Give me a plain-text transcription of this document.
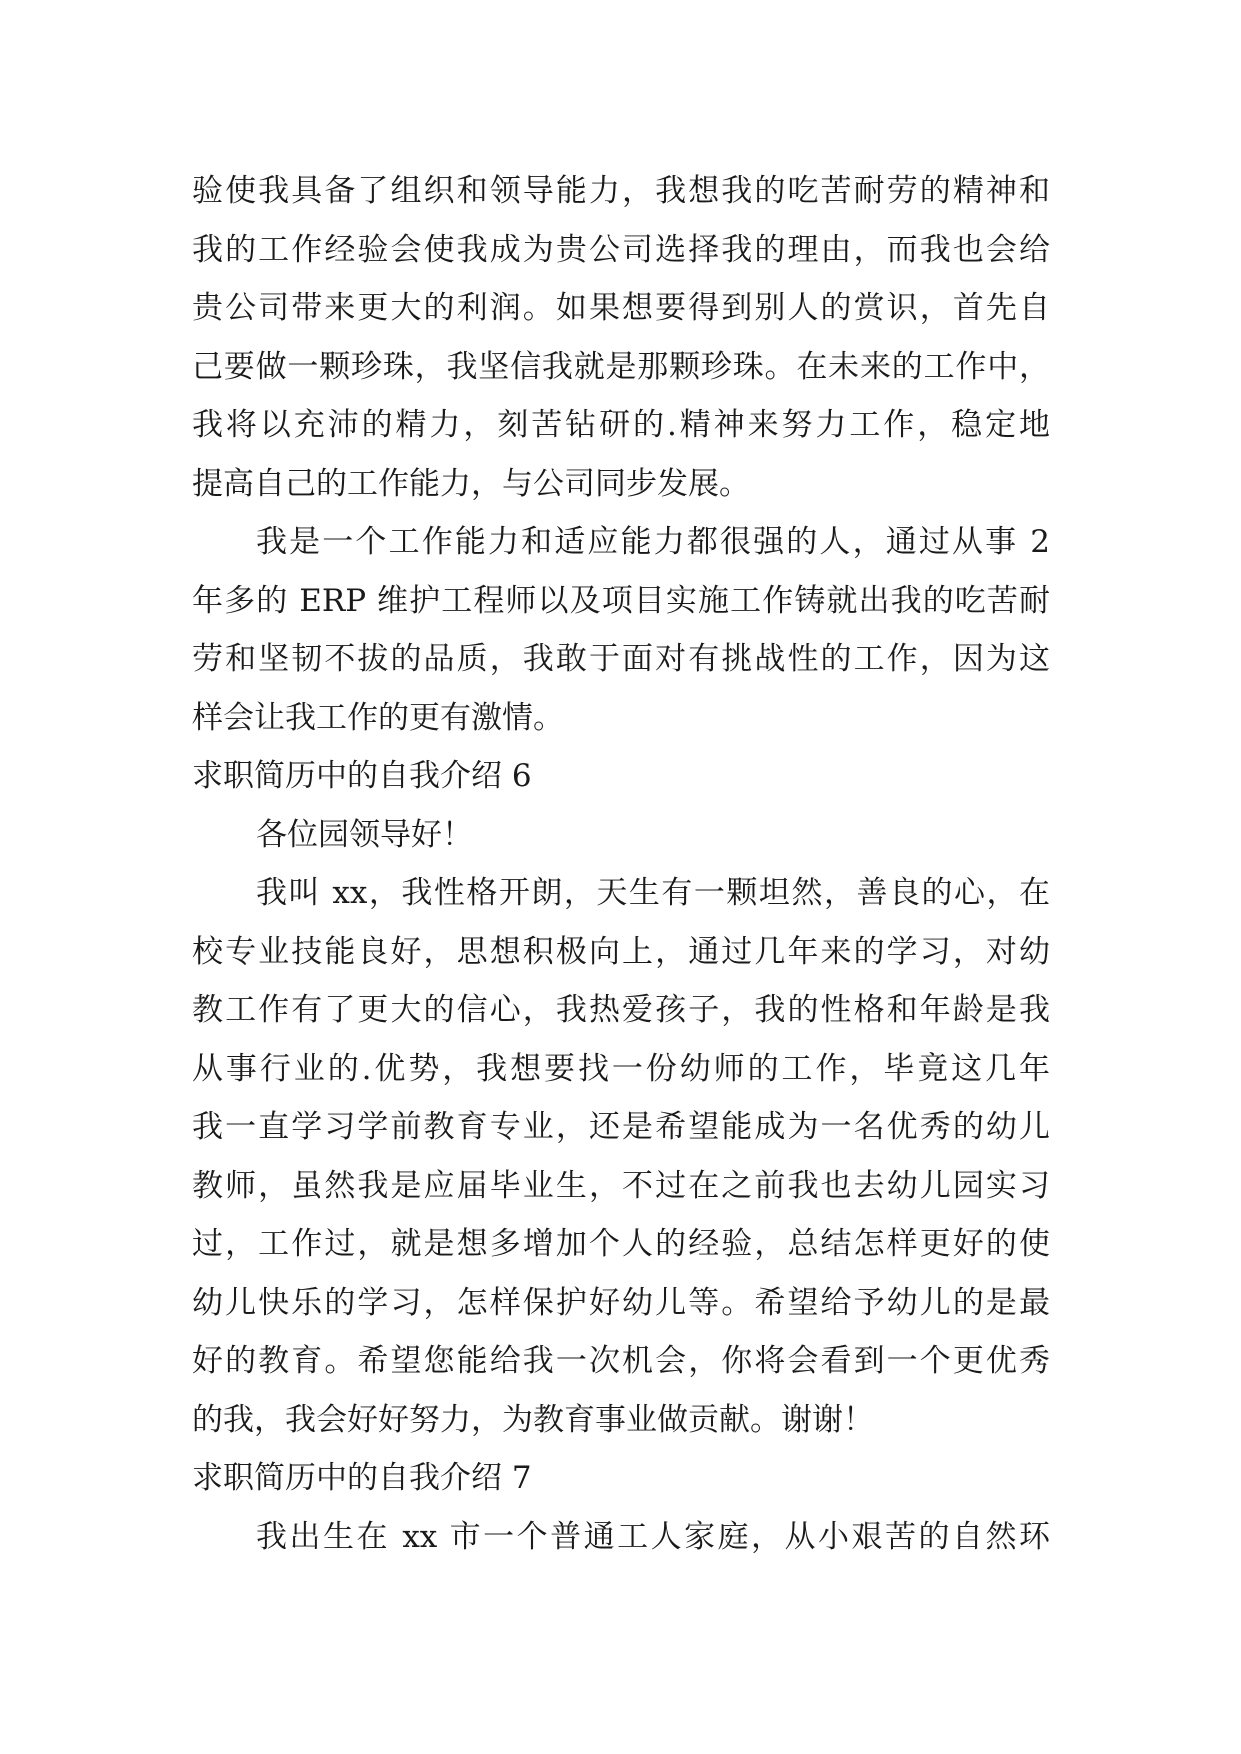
验使我具备了组织和领导能力，我想我的吃苦耐劳的精神和
我的工作经验会使我成为贵公司选择我的理由，而我也会给
贵公司带来更大的利润。如果想要得到别人的赏识，首先自
己要做一颗珍珠，我坚信我就是那颗珍珠。在未来的工作中，
我将以充沛的精力，刻苦钻研的.精神来努力工作，稳定地
提高自己的工作能力，与公司同步发展。
我是一个工作能力和适应能力都很强的人，通过从事 2
年多的 ERP 维护工程师以及项目实施工作铸就出我的吃苦耐
劳和坚韧不拔的品质，我敢于面对有挑战性的工作，因为这
样会让我工作的更有激情。
求职简历中的自我介绍 6
各位园领导好！
我叫 xx，我性格开朗，天生有一颗坦然，善良的心，在
校专业技能良好，思想积极向上，通过几年来的学习，对幼
教工作有了更大的信心，我热爱孩子，我的性格和年龄是我
从事行业的.优势，我想要找一份幼师的工作，毕竟这几年
我一直学习学前教育专业，还是希望能成为一名优秀的幼儿
教师，虽然我是应届毕业生，不过在之前我也去幼儿园实习
过，工作过，就是想多增加个人的经验，总结怎样更好的使
幼儿快乐的学习，怎样保护好幼儿等。希望给予幼儿的是最
好的教育。希望您能给我一次机会，你将会看到一个更优秀
的我，我会好好努力，为教育事业做贡献。谢谢！
求职简历中的自我介绍 7
我出生在 xx 市一个普通工人家庭，从小艰苦的自然环
